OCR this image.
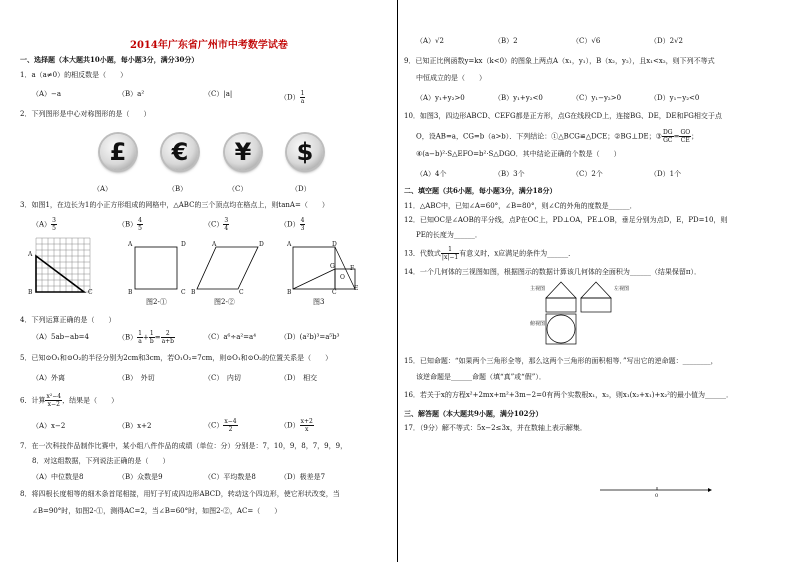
2014年广东省广州市中考数学试卷
一、选择题（本大题共10小题，每小题3分，满分30分）
1．a（a≠0）的相反数是（　　）
（A）−a	（B）a²	（C）|a|	$(D) \frac{1}{a}$
2．下列图形是中心对称图形的是（　　）
£	€	¥	$
（A）	（B）	（C）	（D）
3．如图1，在边长为1的小正方形组成的网格中，△ABC的三个顶点均在格点上，则tanA=（　　）
$(A) \frac{3}{5}$	$(B) \frac{4}{5}$	$(C) \frac{3}{4}$	$(D) \frac{4}{3}$
A
B	C
A	D
B	C
图2-①
A	D
B	C
图2-②
A	D
G	F
O
B	C
E
图3
4．下列运算正确的是（　　）
（A）5ab−ab=4	$(B) \frac{1}{a} + \frac{1}{b} = \frac{2}{a+b}$	（C）a⁶÷a²=a⁴	（D）(a²b)³=a⁵b³
5．已知⊙O₁和⊙O₂的半径分别为2cm和3cm，若O₁O₂=7cm，则⊙O₁和⊙O₂的位置关系是（　　）
（A）外离	（B）　外切	（C）　内切	（D）　相交
6．计算 $\frac{\text{x²−4}}{x-2}$ ，结果是（　　）
（A）x−2	（B）x+2	$(C) \frac{x-4}{2}$	$(D) \frac{x+2}{x}$
7．在一次科技作品制作比赛中，某小组八件作品的成绩（单位：分）分别是：7，10，9，8，7，9，9，
8．对这组数据，下列说法正确的是（　　）
（A）中位数是8	（B）众数是9	（C）平均数是8	（D）极差是7
8．将四根长度相等的细木条首尾相接，用钉子钉成四边形ABCD，转动这个四边形，使它形状改变，当
∠B=90°时，如图2-①，测得AC=2，当∠B=60°时，如图2-②，AC=（　　）
（A）√2	（B）2	（C）√6	（D）2√2
9．已知正比例函数y=kx（k<0）的图象上两点A（x₁，y₁），B（x₂，y₂），且x₁<x₂，则下列不等式
中恒成立的是（　　）
（A）y₁+y₂>0	（B）y₁+y₂<0	（C）y₁−y₂>0	（D）y₁−y₂<0
10．如图3，四边形ABCD、CEFG都是正方形，点G在线段CD上，连接BG、DE，DE和FG相交于点
O，设AB=a，CG=b（a>b）．下列结论：①△BCG≌△DCE；②BG⊥DE；③ $\frac{DG}{GC} = \frac{GO}{CE}$ ；
④(a−b)²·S△EFO=b²·S△DGO．其中结论正确的个数是（　　）
（A）4个	（B）3个	（C）2个	（D）1个
二、填空题（共6小题，每小题3分，满分18分）
11．△ABC中，已知∠A=60°，∠B=80°，则∠C的外角的度数是______．
12．已知OC是∠AOB的平分线，点P在OC上，PD⊥OA，PE⊥OB，垂足分别为点D，E，PD=10，则
PE的长度为______．
13．代数式 $\frac{1}{|x|-1}$ 有意义时，x应满足的条件为______．
14．一个几何体的三视图如图，根据图示的数据计算该几何体的全面积为______（结果保留π）．
主视图	左视图
俯视图
15．已知命题：“如果两个三角形全等，那么这两个三角形的面积相等．”写出它的逆命题：________，
该逆命题是______命题（填“真”或“假”）．
16．若关于x的方程x²+2mx+m²+3m−2=0有两个实数根x₁，x₂，则x₁(x₂+x₁)+x₂²的最小值为______．
三、解答题（本大题共9小题，满分102分）
17．（9分）解不等式：5x−2≤3x，并在数轴上表示解集．
0
